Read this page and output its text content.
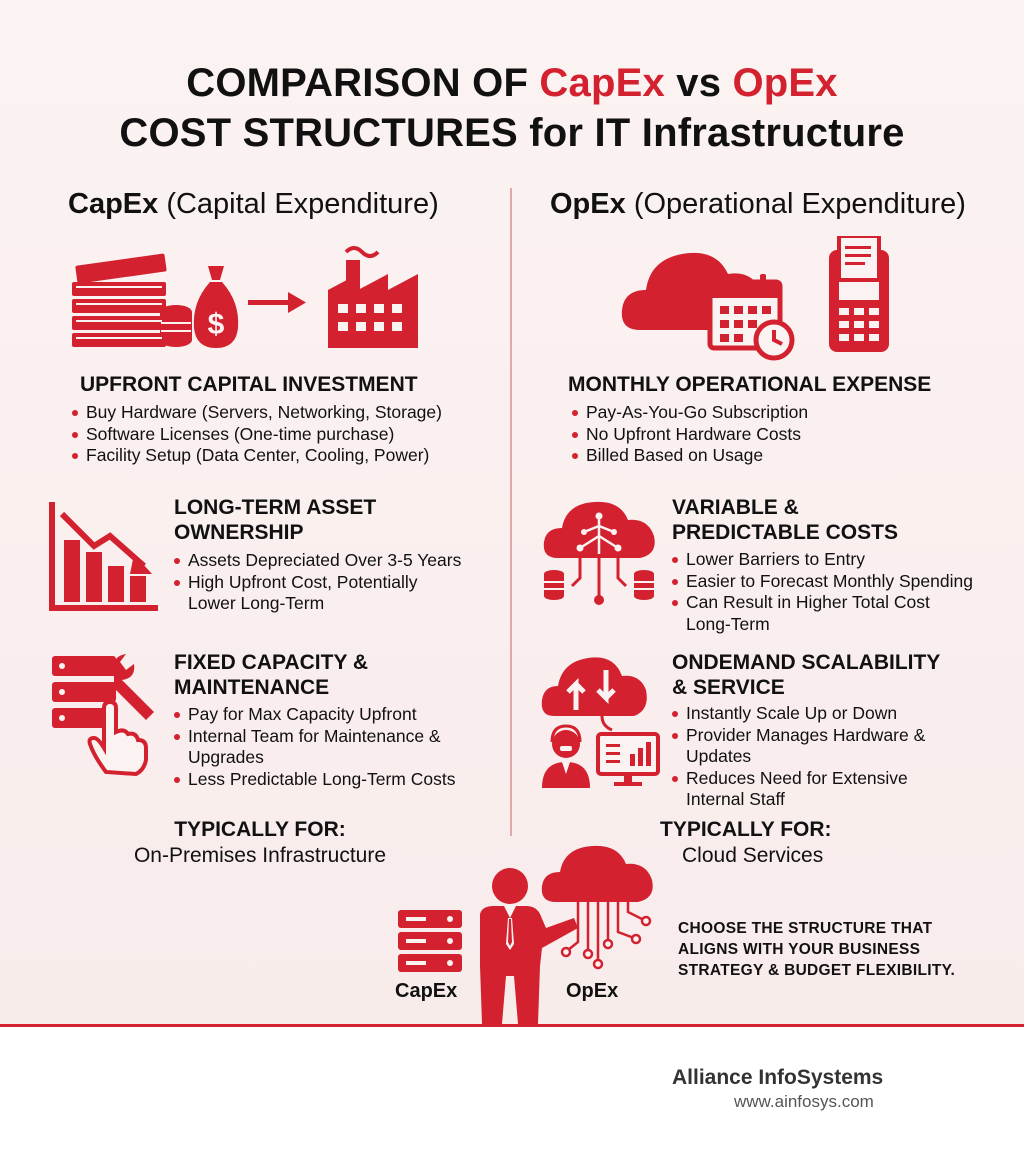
COMPARISON OF CapEx vs OpEx
COST STRUCTURES for IT Infrastructure
CapEx (Capital Expenditure)	OpEx (Operational Expenditure)
$
UPFRONT CAPITAL INVESTMENT
Buy Hardware (Servers, Networking, Storage)
Software Licenses (One-time purchase)
Facility Setup (Data Center, Cooling, Power)
MONTHLY OPERATIONAL EXPENSE
Pay-As-You-Go Subscription
No Upfront Hardware Costs
Billed Based on Usage
LONG-TERM ASSET
OWNERSHIP
Assets Depreciated Over 3-5 Years
High Upfront Cost, Potentially
Lower Long-Term
VARIABLE &
PREDICTABLE COSTS
Lower Barriers to Entry
Easier to Forecast Monthly Spending
Can Result in Higher Total Cost
Long-Term
FIXED CAPACITY &
MAINTENANCE
Pay for Max Capacity Upfront
Internal Team for Maintenance &
Upgrades
Less Predictable Long-Term Costs
ONDEMAND SCALABILITY
& SERVICE
Instantly Scale Up or Down
Provider Manages Hardware &
Updates
Reduces Need for Extensive
Internal Staff
TYPICALLY FOR:
On-Premises Infrastructure
TYPICALLY FOR:
Cloud Services
CapEx	OpEx
CHOOSE THE STRUCTURE THAT
ALIGNS WITH YOUR BUSINESS
STRATEGY & BUDGET FLEXIBILITY.
Alliance InfoSystems
www.ainfosys.com
